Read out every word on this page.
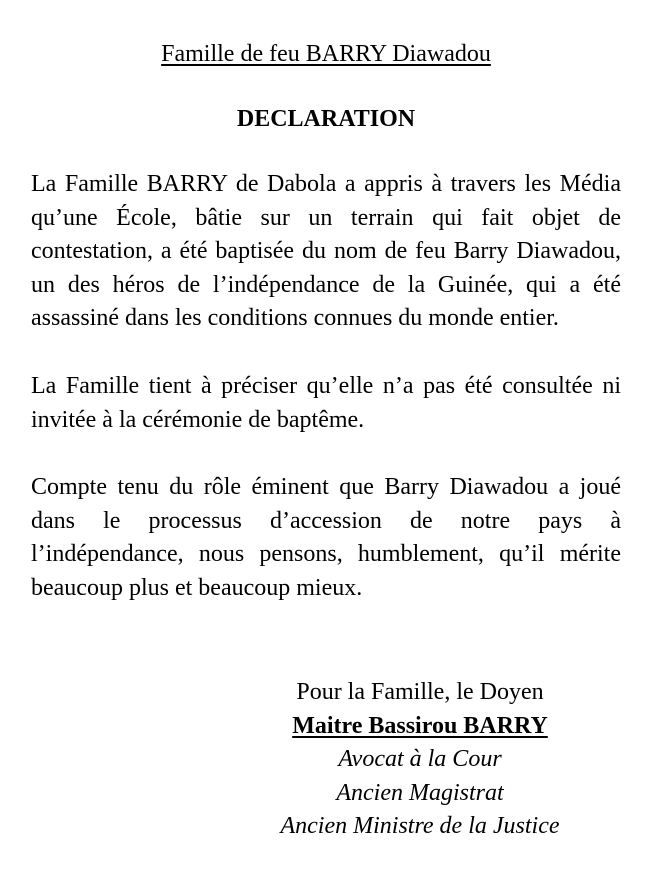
Famille de feu BARRY Diawadou

DECLARATION

La Famille BARRY de Dabola a appris à travers les Média qu’une École, bâtie sur un terrain qui fait objet de contestation, a été baptisée du nom de feu Barry Diawadou, un des héros de l’indépendance de la Guinée, qui a été assassiné dans les conditions connues du monde entier.

La Famille tient à préciser qu’elle n’a pas été consultée ni invitée à la cérémonie de baptême.

Compte tenu du rôle éminent que Barry Diawadou a joué dans le processus d’accession de notre pays à l’indépendance, nous pensons, humblement, qu’il mérite beaucoup plus et beaucoup mieux.

Pour la Famille, le Doyen
Maitre Bassirou BARRY
Avocat à la Cour
Ancien Magistrat
Ancien Ministre de la Justice
